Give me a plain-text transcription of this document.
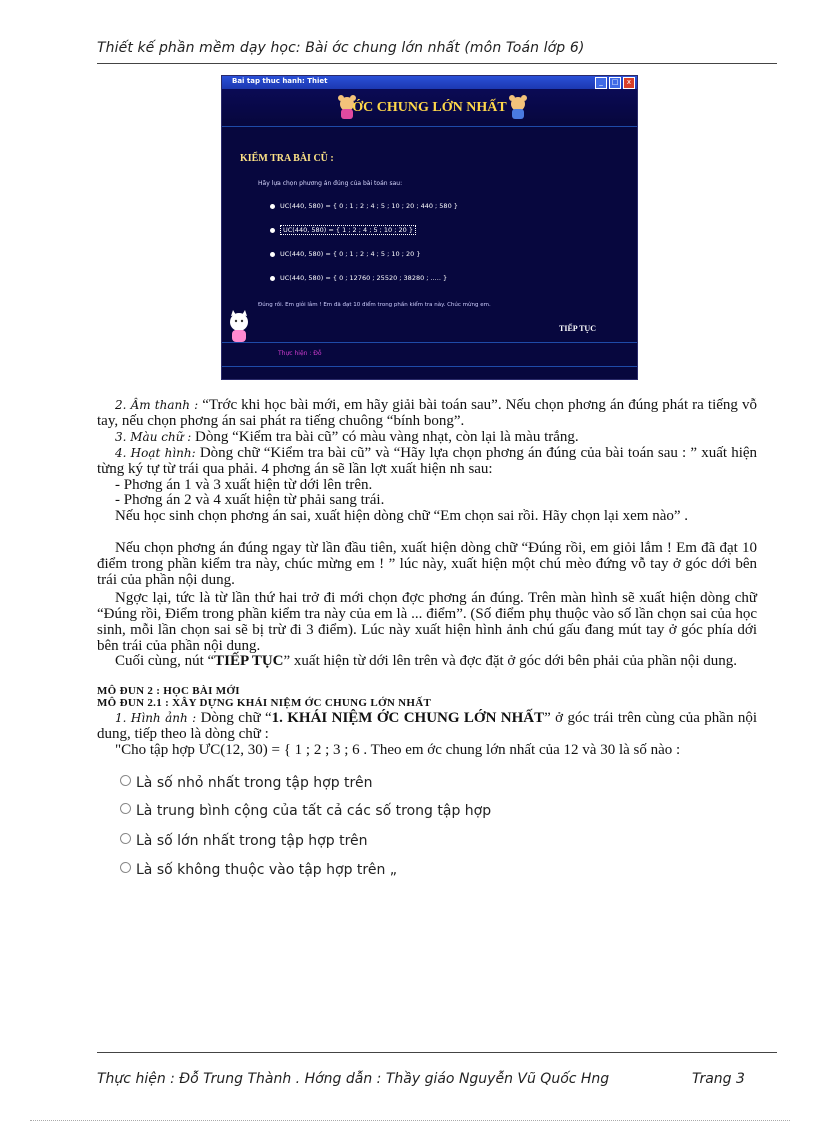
Thiết kế phần mềm dạy học: Bài ớc chung lớn nhất (môn Toán lớp 6)
Bai tap thuc hanh: Thiet	_	□	x
ỚC CHUNG LỚN NHẤT
KIỂM TRA BÀI CŨ :
Hãy lựa chọn phương án đúng của bài toán sau:
UC(440, 580) = { 0 ; 1 ; 2 ; 4 ; 5 ; 10 ; 20 ; 440 ; 580 }
UC(440, 580) = { 1 ; 2 ; 4 ; 5 ; 10 ; 20 }
UC(440, 580) = { 0 ; 1 ; 2 ; 4 ; 5 ; 10 ; 20 }
UC(440, 580) = { 0 ; 12760 ; 25520 ; 38280 ; ..... }
Đúng rồi. Em giỏi lắm ! Em đã đạt 10 điểm trong phần kiểm tra này. Chúc mừng em.
TIẾP TỤC
Thực hiện : Đỗ
2. Âm thanh : “Trớc khi học bài mới, em hãy giải bài toán sau”. Nếu chọn phơng án đúng phát ra tiếng vỗ tay, nếu chọn phơng án sai phát ra tiếng chuông “bính bong”.
3. Màu chữ : Dòng “Kiểm tra bài cũ” có màu vàng nhạt, còn lại là màu trắng.
4. Hoạt hình: Dòng chữ “Kiểm tra bài cũ” và “Hãy lựa chọn phơng án đúng của bài toán sau : ” xuất hiện từng ký tự từ trái qua phải. 4 phơng án sẽ lần lợt xuất hiện nh sau:
- Phơng án 1 và 3 xuất hiện từ dới lên trên.
- Phơng án 2 và 4 xuất hiện từ phải sang trái.
Nếu học sinh chọn phơng án sai, xuất hiện dòng chữ “Em chọn sai rồi. Hãy chọn lại xem nào” .
Nếu chọn phơng án đúng ngay từ lần đầu tiên, xuất hiện dòng chữ “Đúng rồi, em giỏi lắm ! Em đã đạt 10 điểm trong phần kiểm tra này, chúc mừng em ! ” lúc này, xuất hiện một chú mèo đứng vỗ tay ở góc dới bên trái của phần nội dung.
Ngợc lại, tức là từ lần thứ hai trở đi mới chọn đợc phơng án đúng. Trên màn hình sẽ xuất hiện dòng chữ “Đúng rồi, Điểm trong phần kiểm tra này của em là ... điểm”. (Số điểm phụ thuộc vào số lần chọn sai của học sinh, mỗi lần chọn sai sẽ bị trừ đi 3 điểm). Lúc này xuất hiện hình ảnh chú gấu đang mút tay ở góc phía dới bên trái của phần nội dung.
Cuối cùng, nút “TIẾP TỤC” xuất hiện từ dới lên trên và đợc đặt ở góc dới bên phải của phần nội dung.
MÔ ĐUN 2 : HỌC BÀI MỚI
MÔ ĐUN 2.1 : XÂY DỰNG KHÁI NIỆM ỚC CHUNG LỚN NHẤT
1. Hình ảnh : Dòng chữ “1. KHÁI NIỆM ỚC CHUNG LỚN NHẤT” ở góc trái trên cùng của phần nội dung, tiếp theo là dòng chữ :
"Cho tập hợp ƯC(12, 30) = { 1 ; 2 ; 3 ; 6 . Theo em ớc chung lớn nhất của 12 và 30 là số nào :
Là số nhỏ nhất trong tập hợp trên
Là trung bình cộng của tất cả các số trong tập hợp
Là số lớn nhất trong tập hợp trên
Là số không thuộc vào tập hợp trên „
Thực hiện : Đỗ Trung Thành . Hớng dẫn : Thầy giáo Nguyễn Vũ Quốc Hng	Trang 3
